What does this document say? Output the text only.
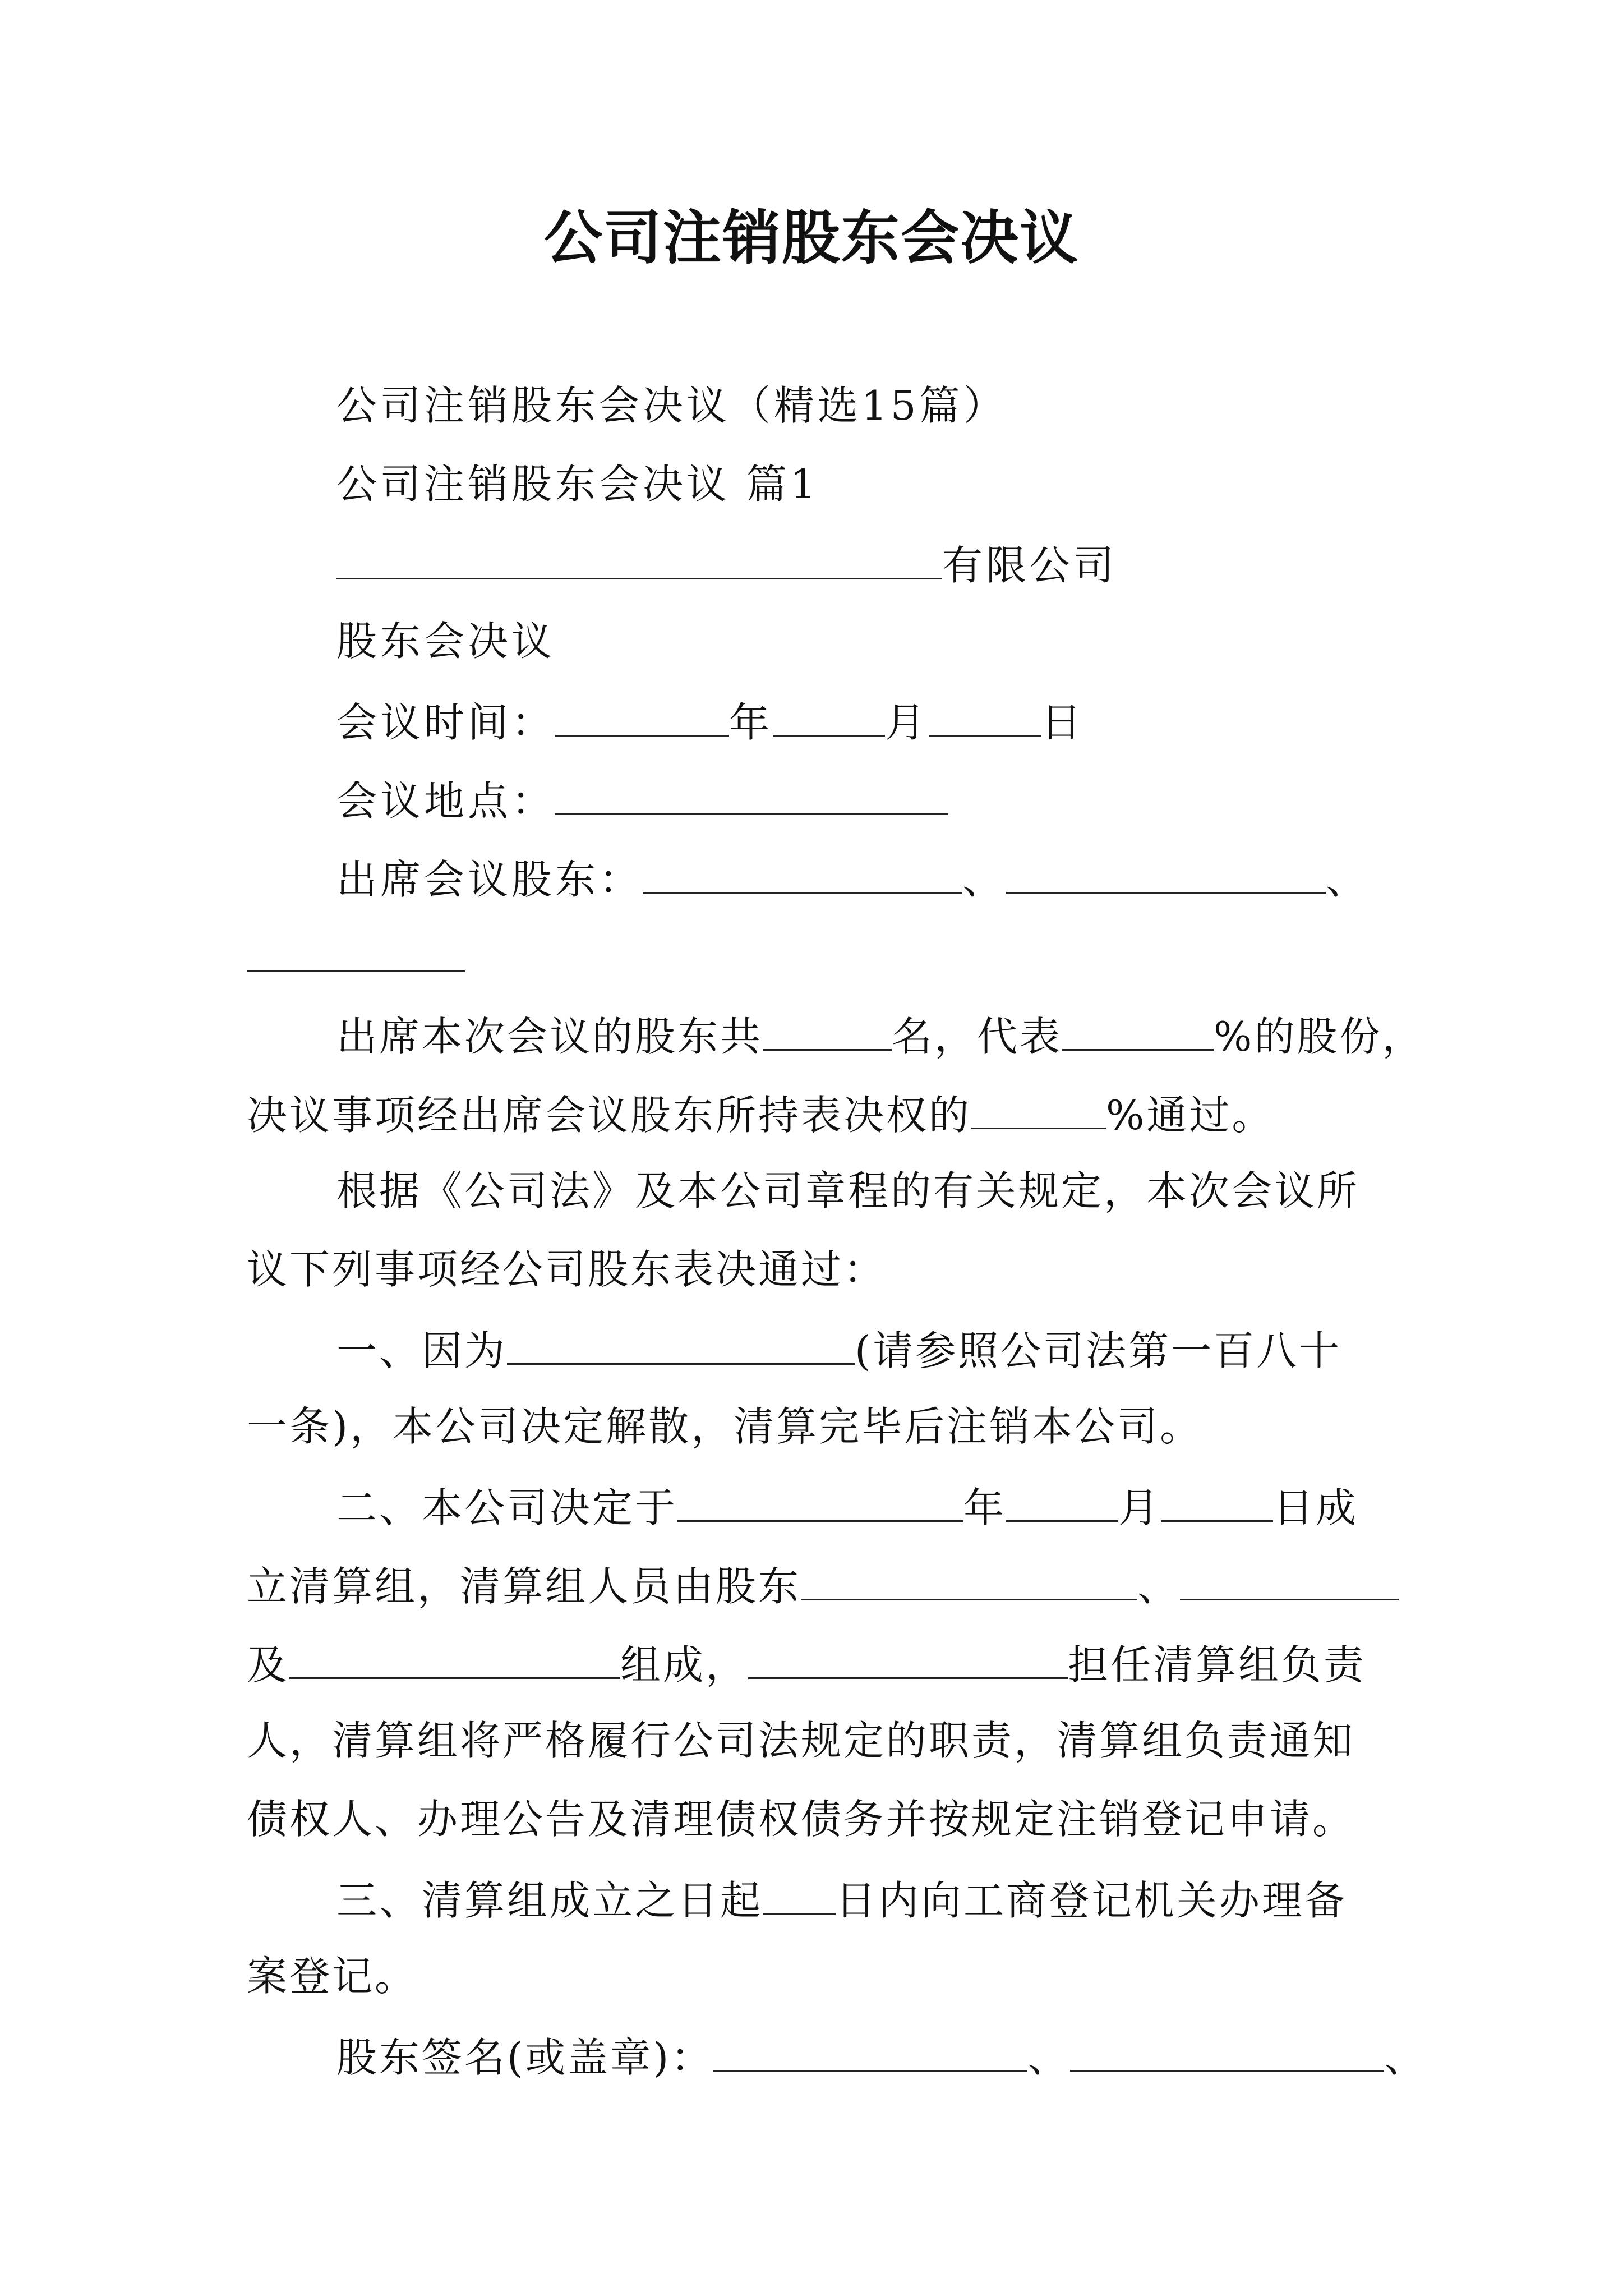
公司注销股东会决议
公司注销股东会决议（精选15篇）
公司注销股东会决议 篇1
有限公司
股东会决议
会议时间：	年	月	日
会议地点：
出席会议股东：	、	、
出席本次会议的股东共	名，代表	%的股份，
决议事项经出席会议股东所持表决权的	%通过。
根据《公司法》及本公司章程的有关规定，本次会议所
议下列事项经公司股东表决通过：
一、因为	(请参照公司法第一百八十
一条)，本公司决定解散，清算完毕后注销本公司。
二、本公司决定于	年	月	日成
立清算组，清算组人员由股东	、
及	组成，	担任清算组负责
人，清算组将严格履行公司法规定的职责，清算组负责通知
债权人、办理公告及清理债权债务并按规定注销登记申请。
三、清算组成立之日起 日内向工商登记机关办理备
案登记。
股东签名(或盖章)：	、	、
